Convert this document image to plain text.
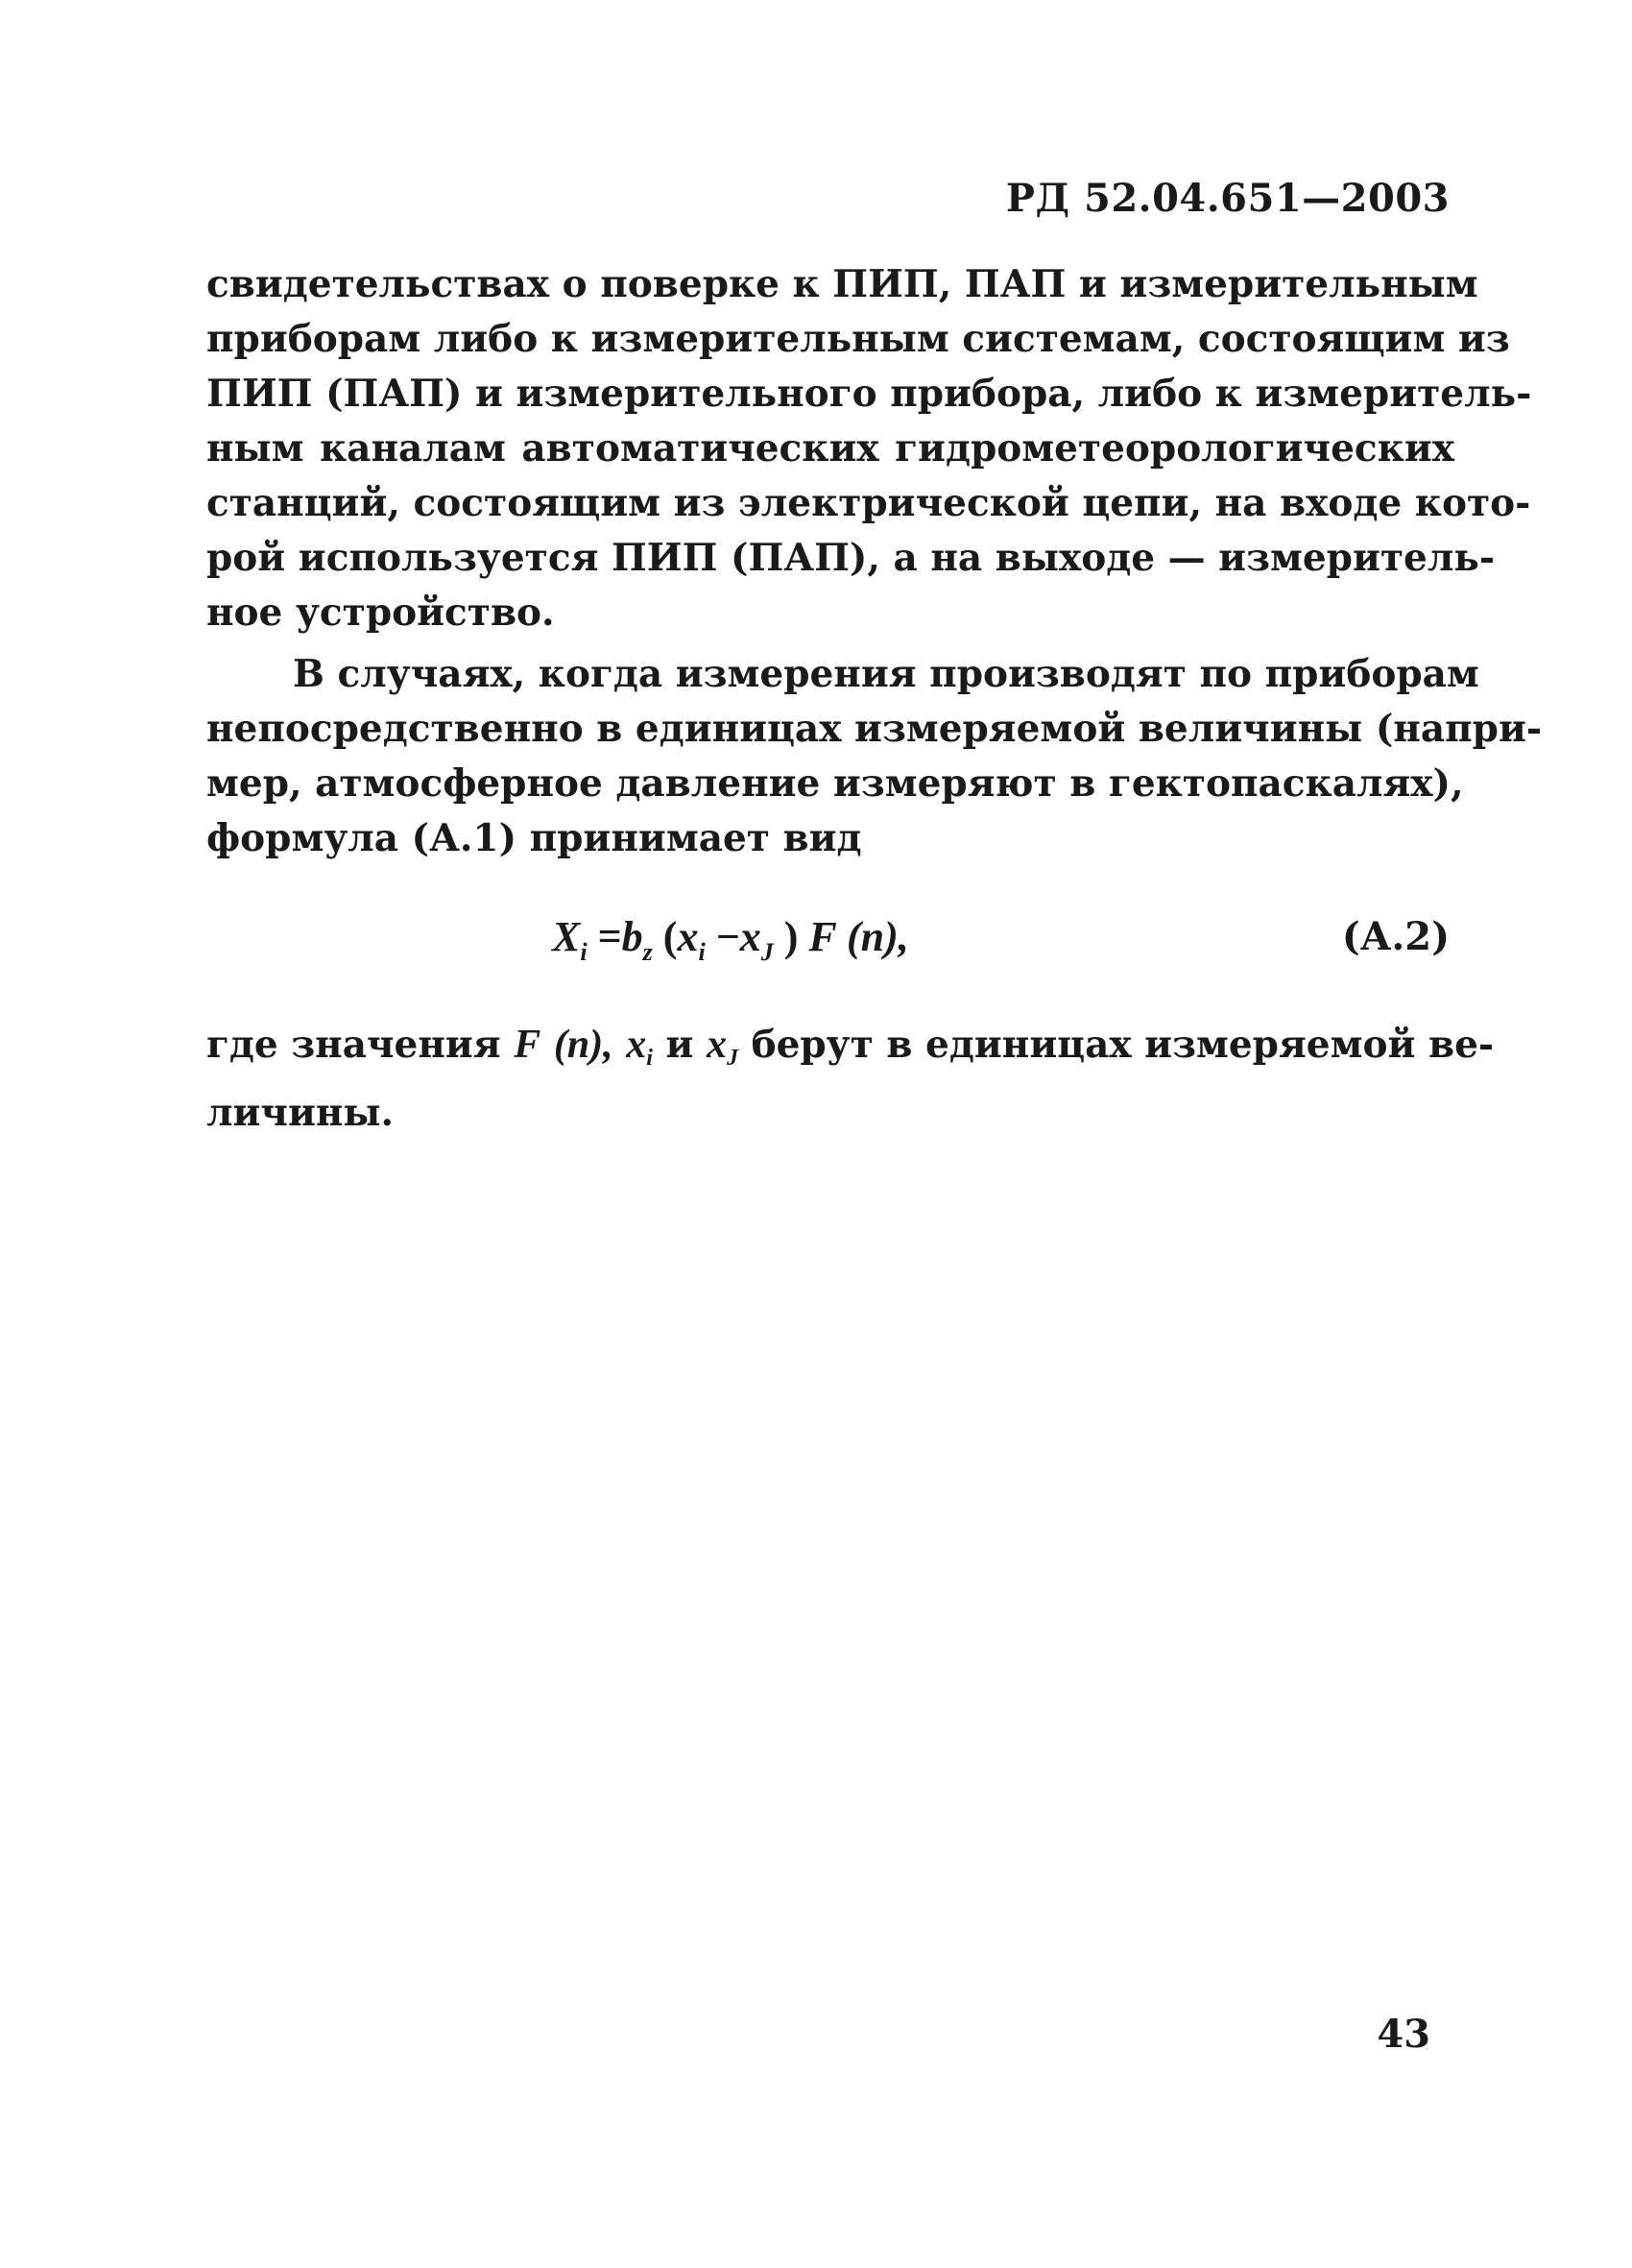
РД 52.04.651—2003
свидетельствах о поверке к ПИП, ПАП и измерительным
приборам либо к измерительным системам, состоящим из
ПИП (ПАП) и измерительного прибора, либо к измеритель-
ным каналам автоматических гидрометеорологических
станций, состоящим из электрической цепи, на входе кото-
рой используется ПИП (ПАП), а на выходе — измеритель-
ное устройство.
В случаях, когда измерения производят по приборам
непосредственно в единицах измеряемой величины (напри-
мер, атмосферное давление измеряют в гектопаскалях),
формула (А.1) принимает вид
$X_i =b_z$ ($x_i -x_J$ ) F (n),	(А.2)
где значения F (n), $x_i$ и $x_J$ берут в единицах измеряемой ве-
личины.
43
